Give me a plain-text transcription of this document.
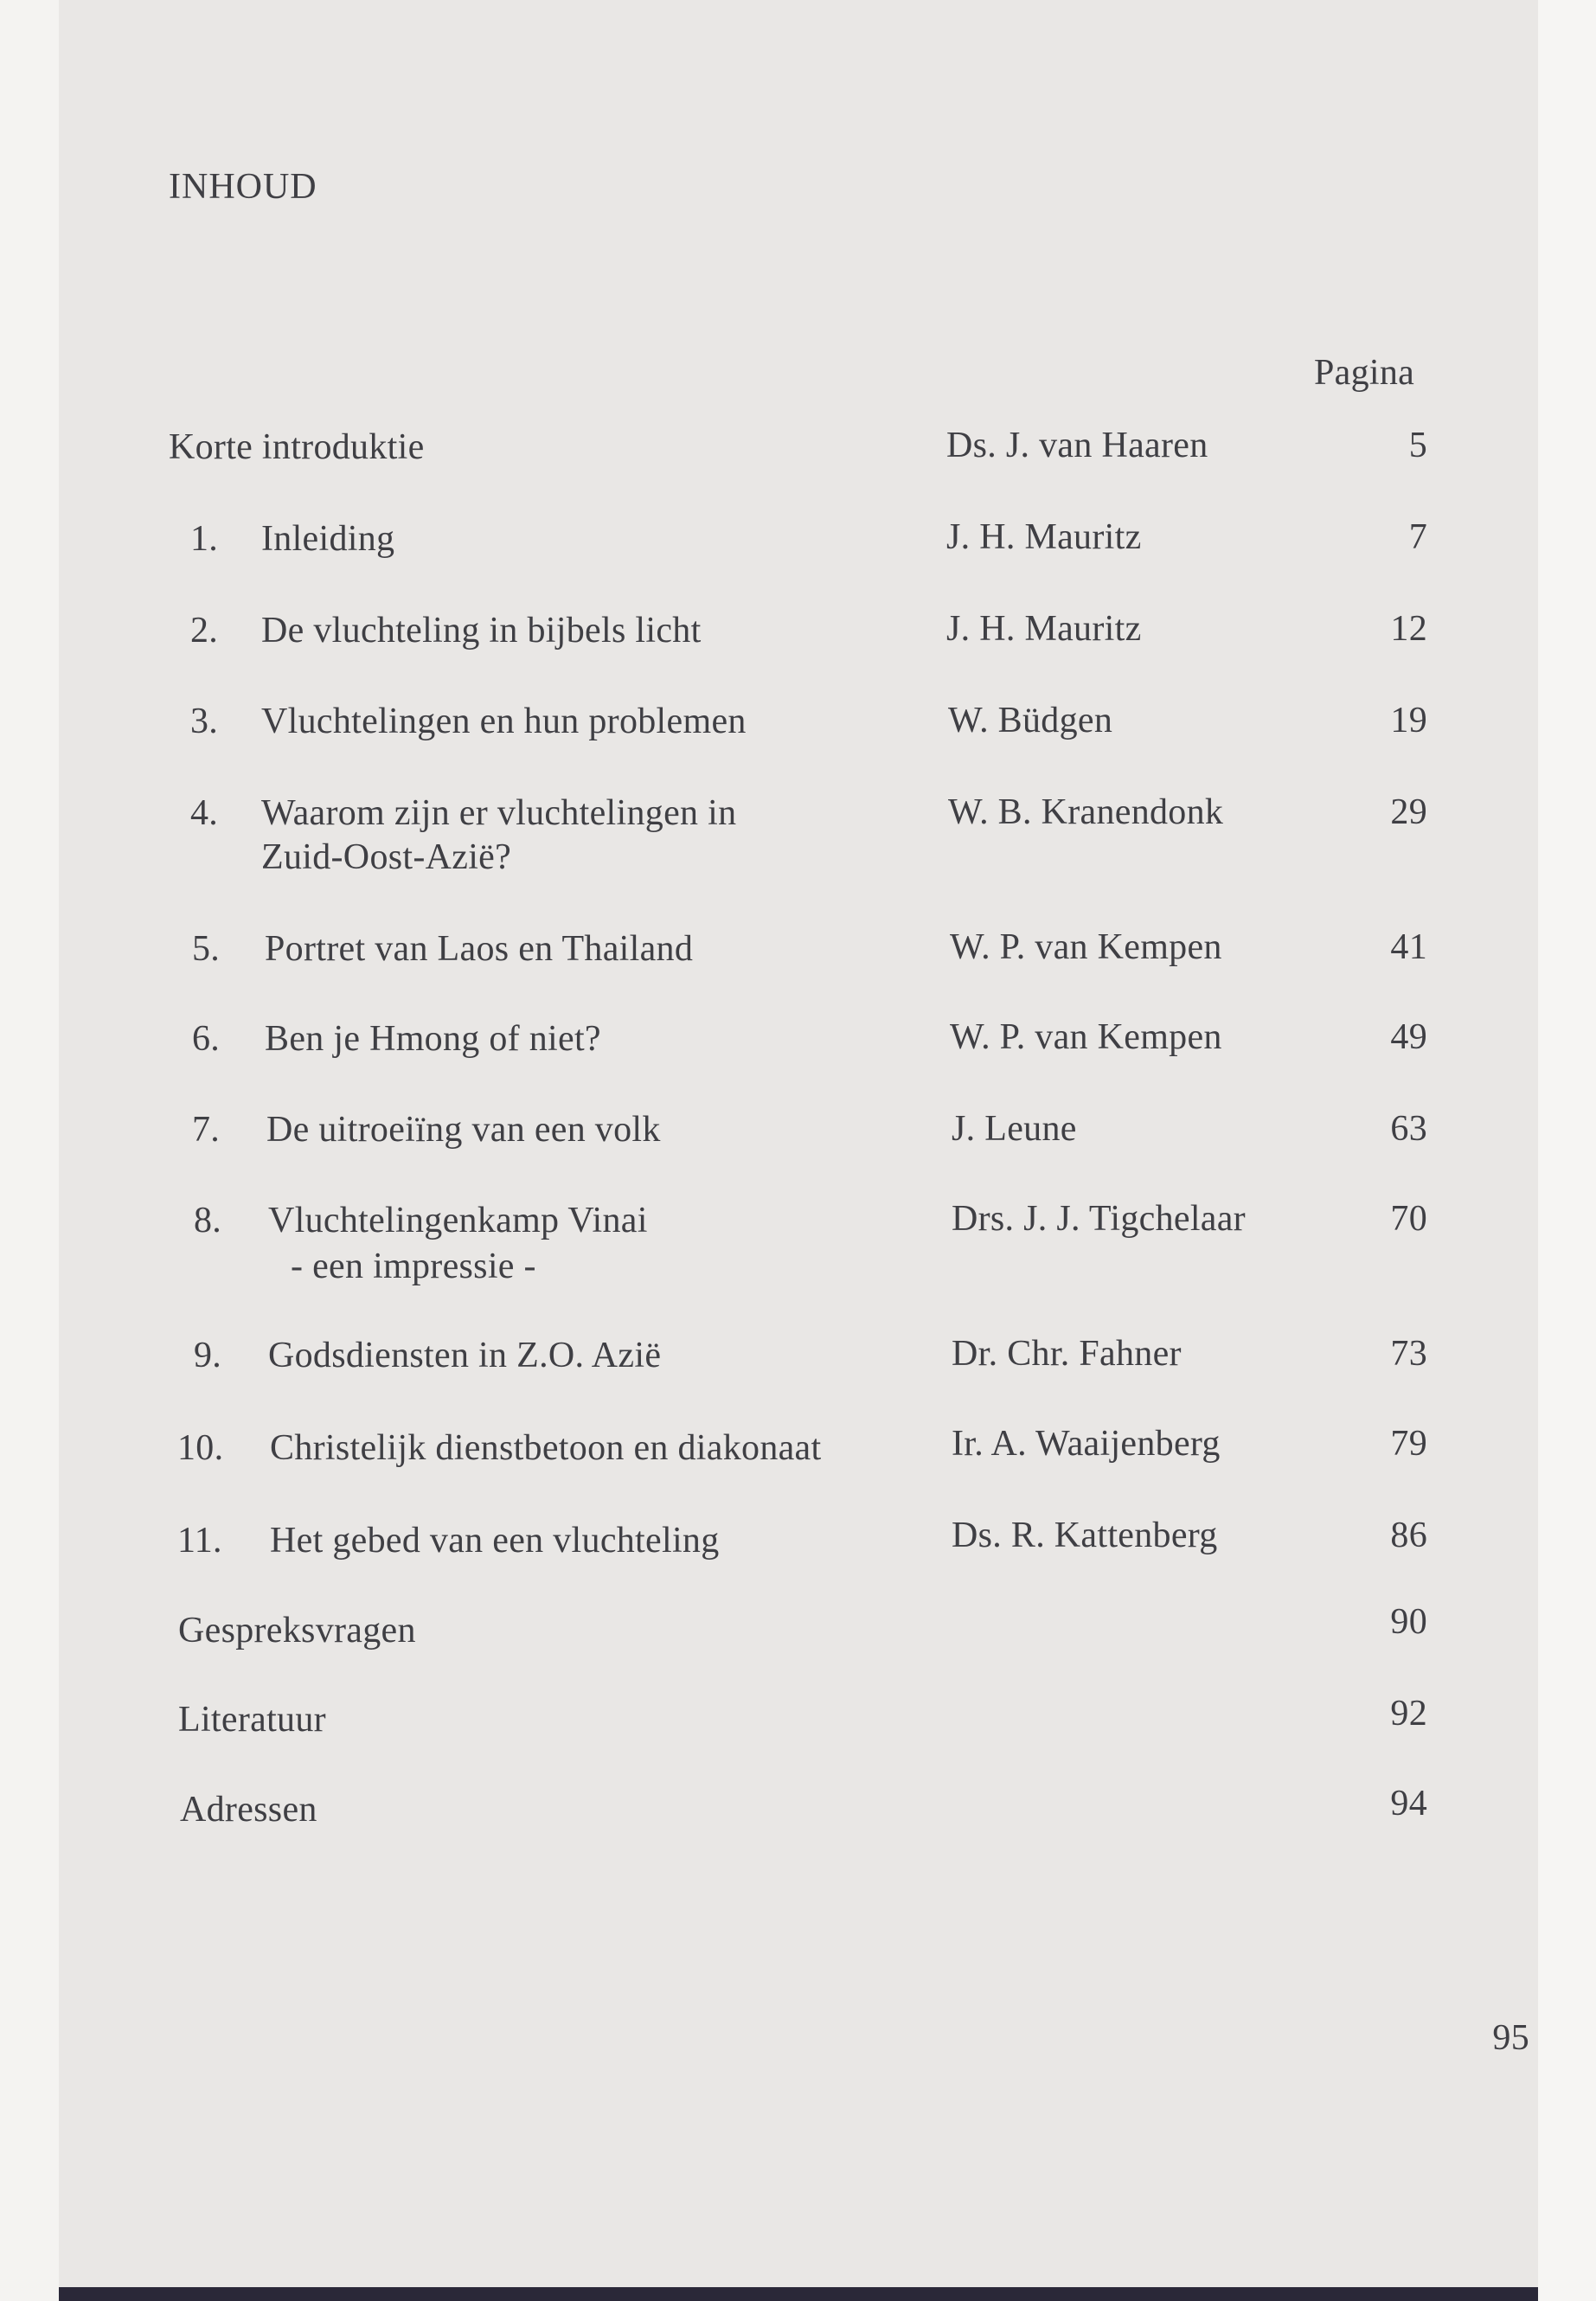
INHOUD
Pagina
Korte introduktie	Ds. J. van Haaren	5
1. Inleiding	J. H. Mauritz	7
2. De vluchteling in bijbels licht	J. H. Mauritz	12
3. Vluchtelingen en hun problemen	W. Büdgen	19
4. Waarom zijn er vluchtelingen in
Zuid-Oost-Azië?
W. B. Kranendonk	29
5. Portret van Laos en Thailand	W. P. van Kempen	41
6. Ben je Hmong of niet?	W. P. van Kempen	49
7. De uitroeiïng van een volk	J. Leune	63
8. Vluchtelingenkamp Vinai
- een impressie -
Drs. J. J. Tigchelaar	70
9. Godsdiensten in Z.O. Azië	Dr. Chr. Fahner	73
10. Christelijk dienstbetoon en diakonaat	Ir. A. Waaijenberg	79
11. Het gebed van een vluchteling	Ds. R. Kattenberg	86
Gespreksvragen	90
Literatuur	92
Adressen	94
95
